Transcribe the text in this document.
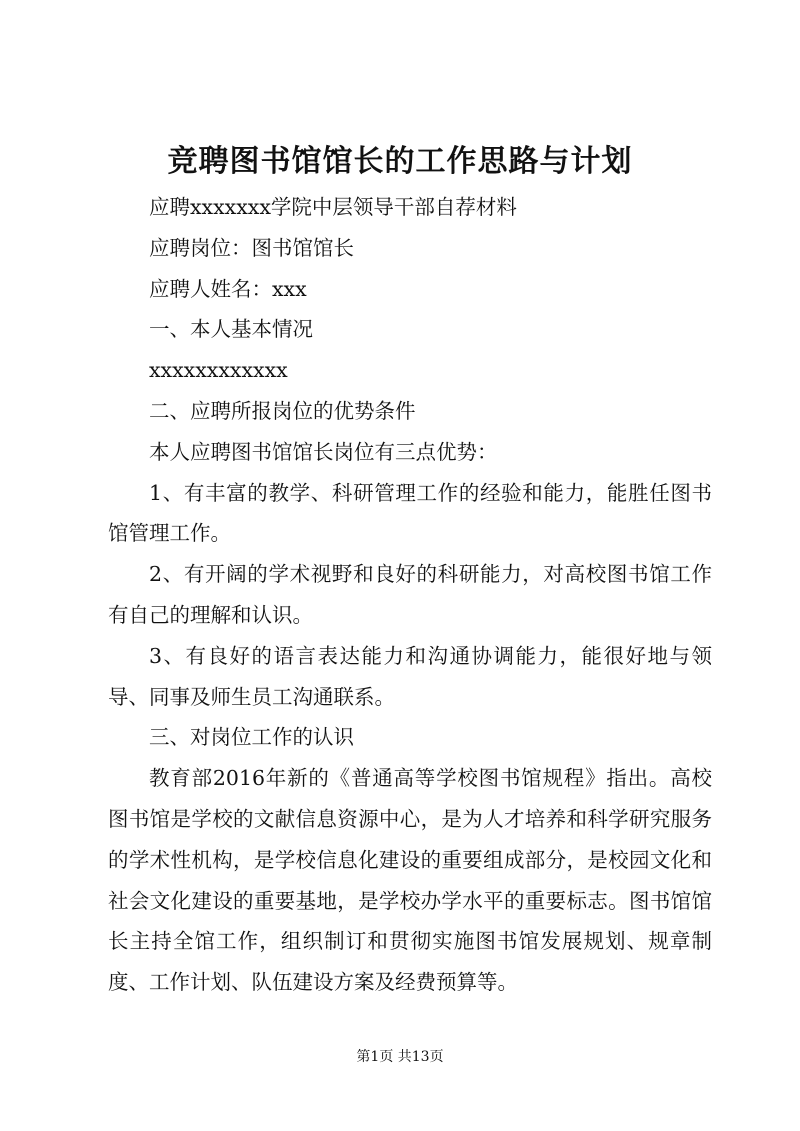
竞聘图书馆馆长的工作思路与计划

应聘xxxxxxx学院中层领导干部自荐材料

应聘岗位：图书馆馆长

应聘人姓名：xxx

一、本人基本情况

xxxxxxxxxxxx

二、应聘所报岗位的优势条件

本人应聘图书馆馆长岗位有三点优势：

1、有丰富的教学、科研管理工作的经验和能力，能胜任图书馆管理工作。

2、有开阔的学术视野和良好的科研能力，对高校图书馆工作有自己的理解和认识。

3、有良好的语言表达能力和沟通协调能力，能很好地与领导、同事及师生员工沟通联系。

三、对岗位工作的认识

教育部2016年新的《普通高等学校图书馆规程》指出。高校图书馆是学校的文献信息资源中心，是为人才培养和科学研究服务的学术性机构，是学校信息化建设的重要组成部分，是校园文化和社会文化建设的重要基地，是学校办学水平的重要标志。图书馆馆长主持全馆工作，组织制订和贯彻实施图书馆发展规划、规章制度、工作计划、队伍建设方案及经费预算等。

第1页 共13页
